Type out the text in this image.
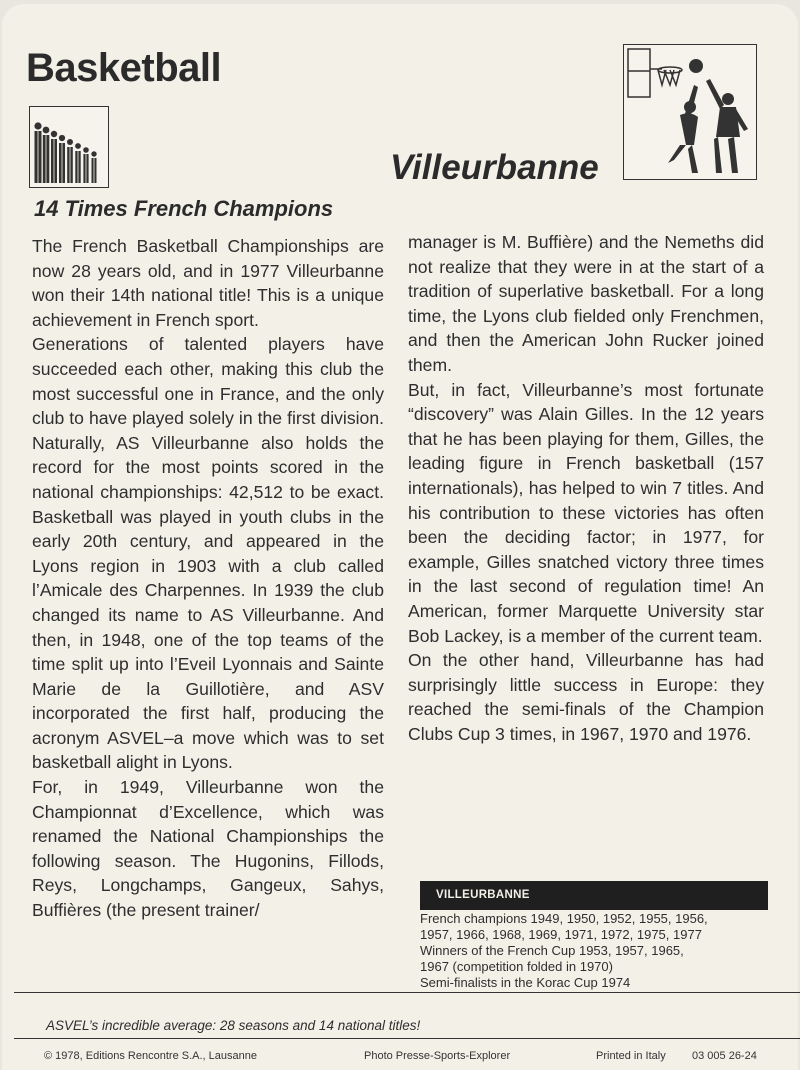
Basketball
Villeurbanne
14 Times French Champions

The French Basketball Championships are now 28 years old, and in 1977 Villeurbanne won their 14th national title! This is a unique achievement in French sport.

Generations of talented players have succeeded each other, making this club the most successful one in France, and the only club to have played solely in the first division. Naturally, AS Villeurbanne also holds the record for the most points scored in the national championships: 42,512 to be exact. Basketball was played in youth clubs in the early 20th century, and appeared in the Lyons region in 1903 with a club called l’Amicale des Charpennes. In 1939 the club changed its name to AS Villeurbanne. And then, in 1948, one of the top teams of the time split up into l’Eveil Lyonnais and Sainte Marie de la Guillotière, and ASV incorporated the first half, producing the acronym ASVEL–a move which was to set basketball alight in Lyons.

For, in 1949, Villeurbanne won the Championnat d’Excellence, which was renamed the National Championships the following season. The Hugonins, Fillods, Reys, Longchamps, Gangeux, Sahys, Buffières (the present trainer/

manager is M. Buffière) and the Nemeths did not realize that they were in at the start of a tradition of superlative basketball. For a long time, the Lyons club fielded only Frenchmen, and then the American John Rucker joined them.

But, in fact, Villeurbanne’s most fortunate “discovery” was Alain Gilles. In the 12 years that he has been playing for them, Gilles, the leading figure in French basketball (157 internationals), has helped to win 7 titles. And his contribution to these victories has often been the deciding factor; in 1977, for example, Gilles snatched victory three times in the last second of regulation time! An American, former Marquette University star Bob Lackey, is a member of the current team.

On the other hand, Villeurbanne has had surprisingly little success in Europe: they reached the semi-finals of the Champion Clubs Cup 3 times, in 1967, 1970 and 1976.

VILLEURBANNE
French champions 1949, 1950, 1952, 1955, 1956,
1957, 1966, 1968, 1969, 1971, 1972, 1975, 1977
Winners of the French Cup 1953, 1957, 1965,
1967 (competition folded in 1970)
Semi-finalists in the Korac Cup 1974
ASVEL’s incredible average: 28 seasons and 14 national titles!
© 1978, Editions Rencontre S.A., Lausanne	Photo Presse-Sports-Explorer	Printed in Italy 03 005 26-24
